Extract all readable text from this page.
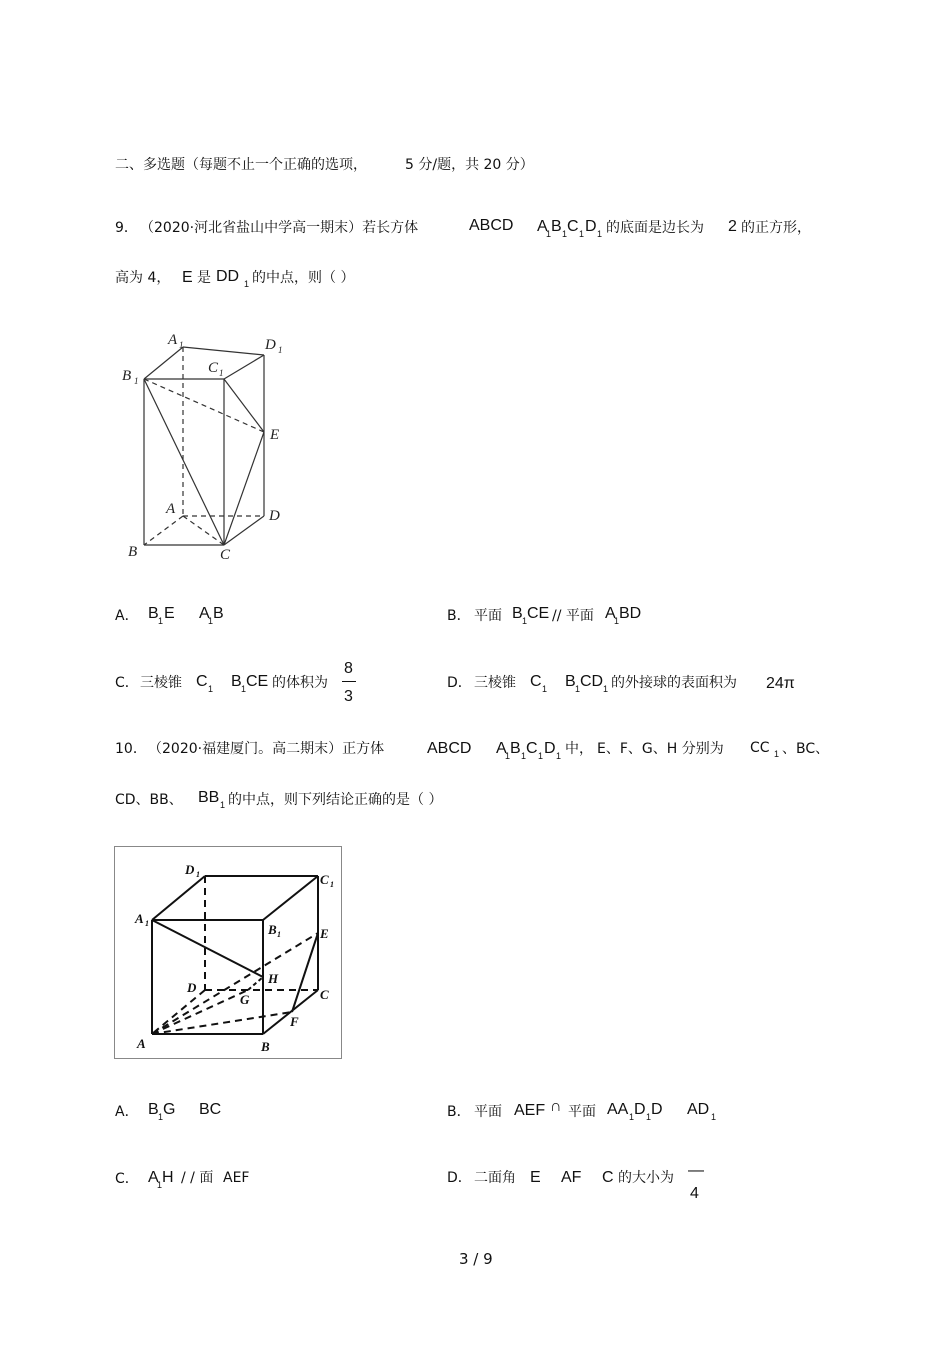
二、多选题（每题不止一个正确的选项，	5 分/题，共 20 分）
9． （2020·河北省盐山中学高一期末）若长方体	ABCD A
1 B 1 C 1 D 1 的底面是边长为 2 的正方形，
高为 4， E 是 DD 1 的中点，则（ ）
A 1	D 1
B 1
C 1
E
A	D
B	C
A． B 1 E A
1 B	B． 平面 B 1 CE // 平面 A
1 BD
C． 三棱锥 C 1 B 1 CE 的体积为
8
3
D． 三棱锥 C 1 B 1 CD 1 的外接球的表面积为 24π
10． （2020·福建厦门。高二期末）正方体	ABCD A
1 B 1 C 1 D 1 中， E、F、G、H 分别为 CC 1 、BC、
CD、BB、 BB 1 的中点，则下列结论正确的是（ ）
D 1	C 1
A 1	B 1	E
H
D
G	C
F
A	B
A． B 1 G BC	B． 平面 AEF ∩ 平面 AA 1 D 1 D AD 1
C． A
1 H / / 面 AEF	D． 二面角 E AF C 的大小为 —
4
3 / 9
